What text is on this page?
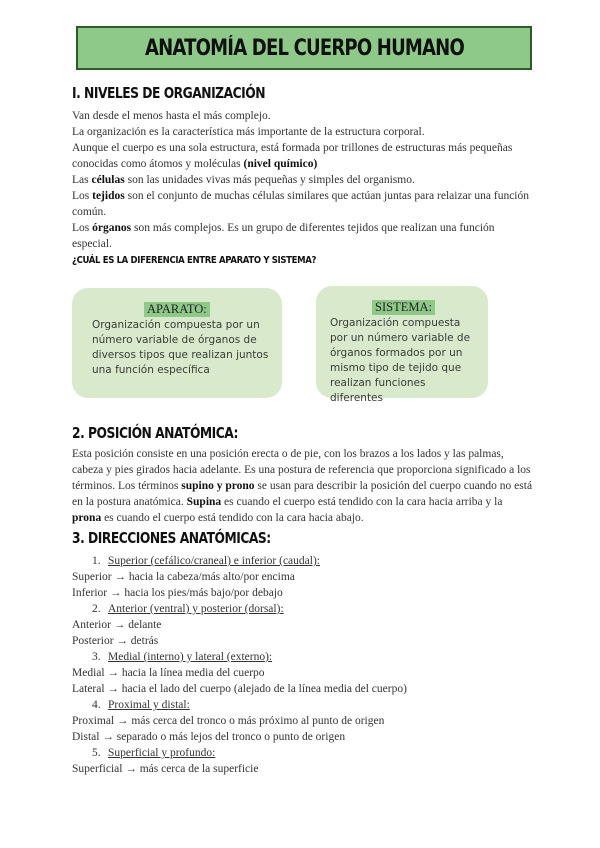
ANATOMÍA DEL CUERPO HUMANO
I. NIVELES DE ORGANIZACIÓN

Van desde el menos hasta el más complejo.

La organización es la característica más importante de la estructura corporal.

Aunque el cuerpo es una sola estructura, está formada por trillones de estructuras más pequeñas conocidas como átomos y moléculas (nivel químico)

Las células son las unidades vivas más pequeñas y simples del organismo.

Los tejidos son el conjunto de muchas células similares que actúan juntas para relaizar una función común.

Los órganos son más complejos. Es un grupo de diferentes tejidos que realizan una función especial.

¿CUÁL ES LA DIFERENCIA ENTRE APARATO Y SISTEMA?
APARATO:
Organización compuesta por un número variable de órganos de diversos tipos que realizan juntos una función específica
SISTEMA:
Organización compuesta por un número variable de órganos formados por un mismo tipo de tejido que realizan funciones diferentes
2. POSICIÓN ANATÓMICA:

Esta posición consiste en una posición erecta o de pie, con los brazos a los lados y las palmas, cabeza y pies girados hacia adelante. Es una postura de referencia que proporciona significado a los términos. Los términos supino y prono se usan para describir la posición del cuerpo cuando no está en la postura anatómica. Supina es cuando el cuerpo está tendido con la cara hacia arriba y la prona es cuando el cuerpo está tendido con la cara hacia abajo.

3. DIRECCIONES ANATÓMICAS:
1. Superior (cefálico/craneal) e inferior (caudal):
Superior → hacia la cabeza/más alto/por encima
Inferior → hacia los pies/más bajo/por debajo
2. Anterior (ventral) y posterior (dorsal):
Anterior → delante
Posterior → detrás
3. Medial (interno) y lateral (externo):
Medial → hacia la línea media del cuerpo
Lateral → hacia el lado del cuerpo (alejado de la línea media del cuerpo)
4. Proximal y distal:
Proximal → más cerca del tronco o más próximo al punto de origen
Distal → separado o más lejos del tronco o punto de origen
5. Superficial y profundo:
Superficial → más cerca de la superficie
